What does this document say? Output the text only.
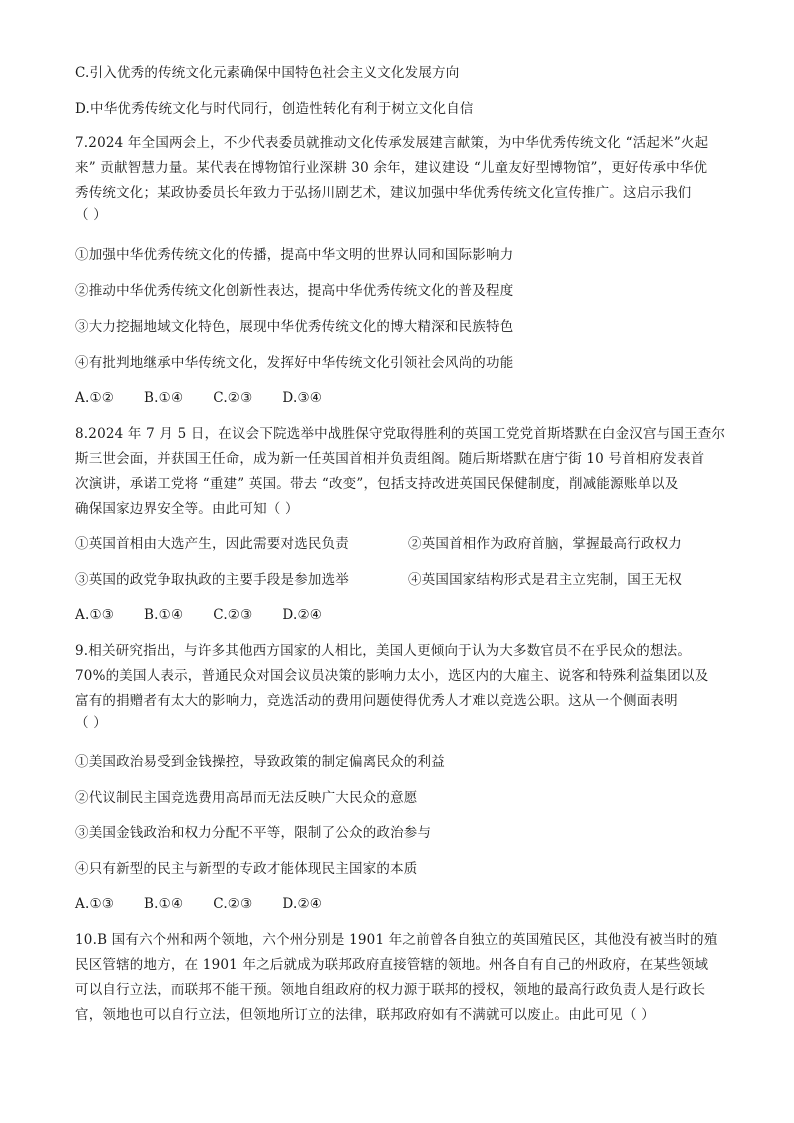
C.引入优秀的传统文化元素确保中国特色社会主义文化发展方向
D.中华优秀传统文化与时代同行，创造性转化有利于树立文化自信
7.2024 年全国两会上，不少代表委员就推动文化传承发展建言献策，为中华优秀传统文化 “活起米”火起
来” 贡献智慧力量。某代表在博物馆行业深耕 30 余年，建议建设 “儿童友好型博物馆”，更好传承中华优
秀传统文化；某政协委员长年致力于弘扬川剧艺术，建议加强中华优秀传统文化宣传推广。这启示我们
（ ）
①加强中华优秀传统文化的传播，提高中华文明的世界认同和国际影响力
②推动中华优秀传统文化创新性表达，提高中华优秀传统文化的普及程度
③大力挖掘地域文化特色，展现中华优秀传统文化的博大精深和民族特色
④有批判地继承中华传统文化，发挥好中华传统文化引领社会风尚的功能
A.①② B.①④ C.②③ D.③④
8.2024 年 7 月 5 日，在议会下院选举中战胜保守党取得胜利的英国工党党首斯塔默在白金汉宫与国王查尔
斯三世会面，并获国王任命，成为新一任英国首相并负责组阁。随后斯塔默在唐宁街 10 号首相府发表首
次演讲，承诺工党将 “重建” 英国。带去 “改变”，包括支持改进英国民保健制度，削减能源账单以及
确保国家边界安全等。由此可知（ ）
①英国首相由大选产生，因此需要对选民负责	②英国首相作为政府首脑，掌握最高行政权力
③英国的政党争取执政的主要手段是参加选举	④英国国家结构形式是君主立宪制，国王无权
A.①③ B.①④ C.②③ D.②④
9.相关研究指出，与许多其他西方国家的人相比，美国人更倾向于认为大多数官员不在乎民众的想法。
70%的美国人表示，普通民众对国会议员决策的影响力太小，选区内的大雇主、说客和特殊利益集团以及
富有的捐赠者有太大的影响力，竞选活动的费用问题使得优秀人才难以竞选公职。这从一个侧面表明
（ ）
①美国政治易受到金钱操控，导致政策的制定偏离民众的利益
②代议制民主国竞选费用高昂而无法反映广大民众的意愿
③美国金钱政治和权力分配不平等，限制了公众的政治参与
④只有新型的民主与新型的专政才能体现民主国家的本质
A.①③ B.①④ C.②③ D.②④
10.B 国有六个州和两个领地，六个州分别是 1901 年之前曾各自独立的英国殖民区，其他没有被当时的殖
民区管辖的地方，在 1901 年之后就成为联邦政府直接管辖的领地。州各自有自己的州政府，在某些领域
可以自行立法，而联邦不能干预。领地自组政府的权力源于联邦的授权，领地的最高行政负责人是行政长
官，领地也可以自行立法，但领地所订立的法律，联邦政府如有不满就可以废止。由此可见（ ）
